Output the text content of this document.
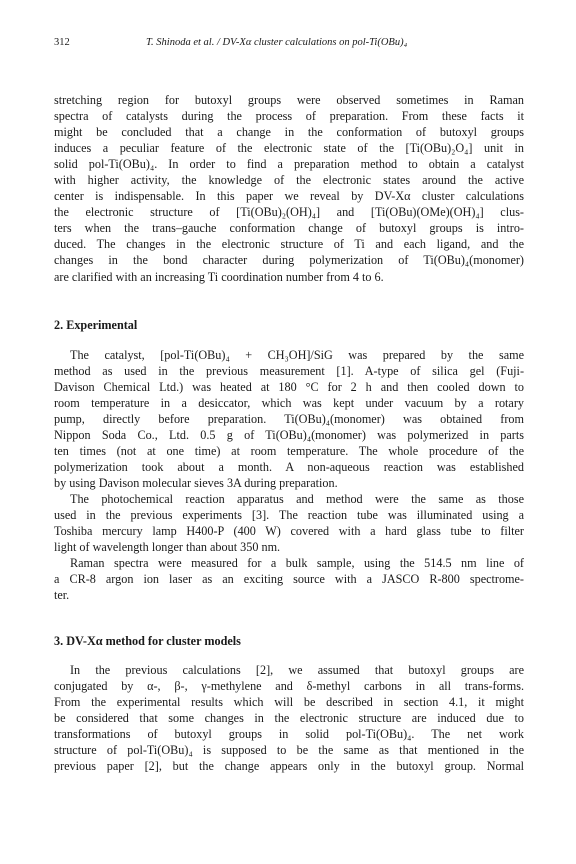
312	T. Shinoda et al. / DV-Xα cluster calculations on pol-Ti(OBu)₄
stretching region for butoxyl groups were observed sometimes in Raman
spectra of catalysts during the process of preparation. From these facts it
might be concluded that a change in the conformation of butoxyl groups
induces a peculiar feature of the electronic state of the [Ti(OBu)₂O₄] unit in
solid pol-Ti(OBu)₄. In order to find a preparation method to obtain a catalyst
with higher activity, the knowledge of the electronic states around the active
center is indispensable. In this paper we reveal by DV-Xα cluster calculations
the electronic structure of [Ti(OBu)₂(OH)₄] and [Ti(OBu)(OMe)(OH)₄] clus-
ters when the trans–gauche conformation change of butoxyl groups is intro-
duced. The changes in the electronic structure of Ti and each ligand, and the
changes in the bond character during polymerization of Ti(OBu)₄(monomer)
are clarified with an increasing Ti coordination number from 4 to 6.
2. Experimental
The catalyst, [pol-Ti(OBu)₄ + CH₃OH]/SiG was prepared by the same
method as used in the previous measurement [1]. A-type of silica gel (Fuji-
Davison Chemical Ltd.) was heated at 180 °C for 2 h and then cooled down to
room temperature in a desiccator, which was kept under vacuum by a rotary
pump, directly before preparation. Ti(OBu)₄(monomer) was obtained from
Nippon Soda Co., Ltd. 0.5 g of Ti(OBu)₄(monomer) was polymerized in parts
ten times (not at one time) at room temperature. The whole procedure of the
polymerization took about a month. A non-aqueous reaction was established
by using Davison molecular sieves 3A during preparation.
The photochemical reaction apparatus and method were the same as those
used in the previous experiments [3]. The reaction tube was illuminated using a
Toshiba mercury lamp H400-P (400 W) covered with a hard glass tube to filter
light of wavelength longer than about 350 nm.
Raman spectra were measured for a bulk sample, using the 514.5 nm line of
a CR-8 argon ion laser as an exciting source with a JASCO R-800 spectrome-
ter.
3. DV-Xα method for cluster models
In the previous calculations [2], we assumed that butoxyl groups are
conjugated by α-, β-, γ-methylene and δ-methyl carbons in all trans-forms.
From the experimental results which will be described in section 4.1, it might
be considered that some changes in the electronic structure are induced due to
transformations of butoxyl groups in solid pol-Ti(OBu)₄. The net work
structure of pol-Ti(OBu)₄ is supposed to be the same as that mentioned in the
previous paper [2], but the change appears only in the butoxyl group. Normal
